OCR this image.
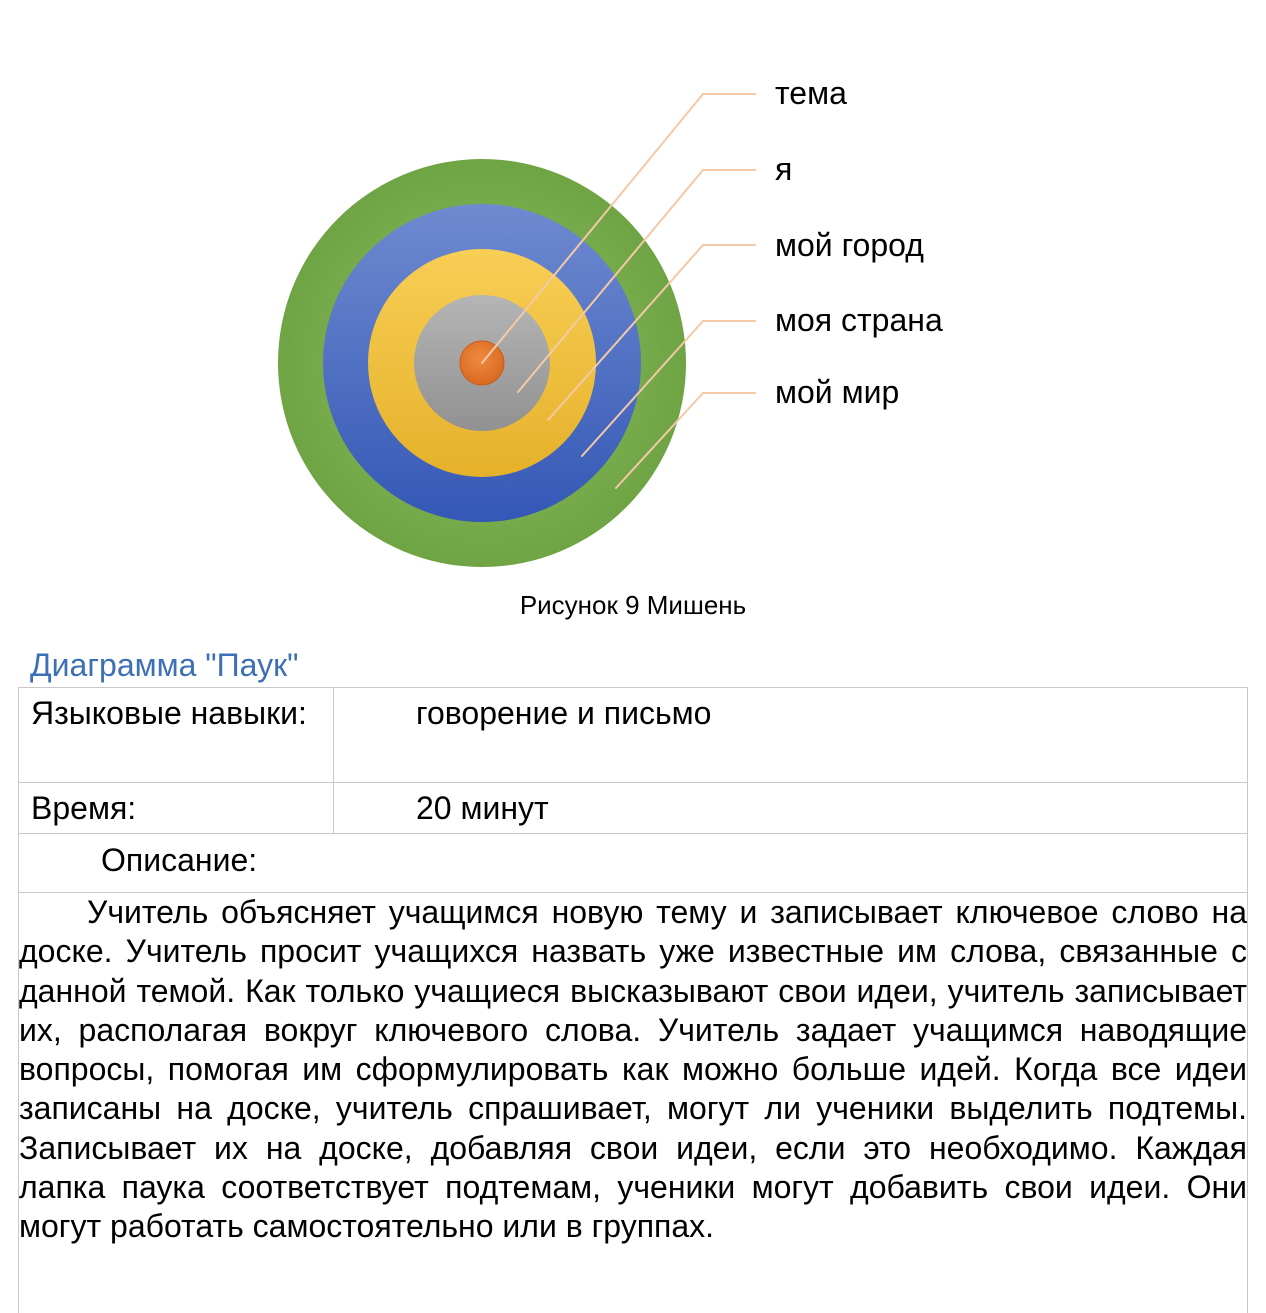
тема
я
мой город
моя страна
мой мир
Рисунок 9 Мишень
Диаграмма "Паук"
Языковые навыки:	говорение и письмо
Время:	20 минут
Описание:	

Учитель объясняет учащимся новую тему и записывает ключевое слово на доске. Учитель просит учащихся назвать уже известные им слова, связанные с данной темой. Как только учащиеся высказывают свои идеи, учитель записывает их, располагая вокруг ключевого слова. Учитель задает учащимся наводящие вопросы, помогая им сформулировать как можно больше идей. Когда все идеи записаны на доске, учитель спрашивает, могут ли ученики выделить подтемы. Записывает их на доске, добавляя свои идеи, если это необходимо. Каждая лапка паука соответствует подтемам, ученики могут добавить свои идеи. Они могут работать самостоятельно или в группах.	
